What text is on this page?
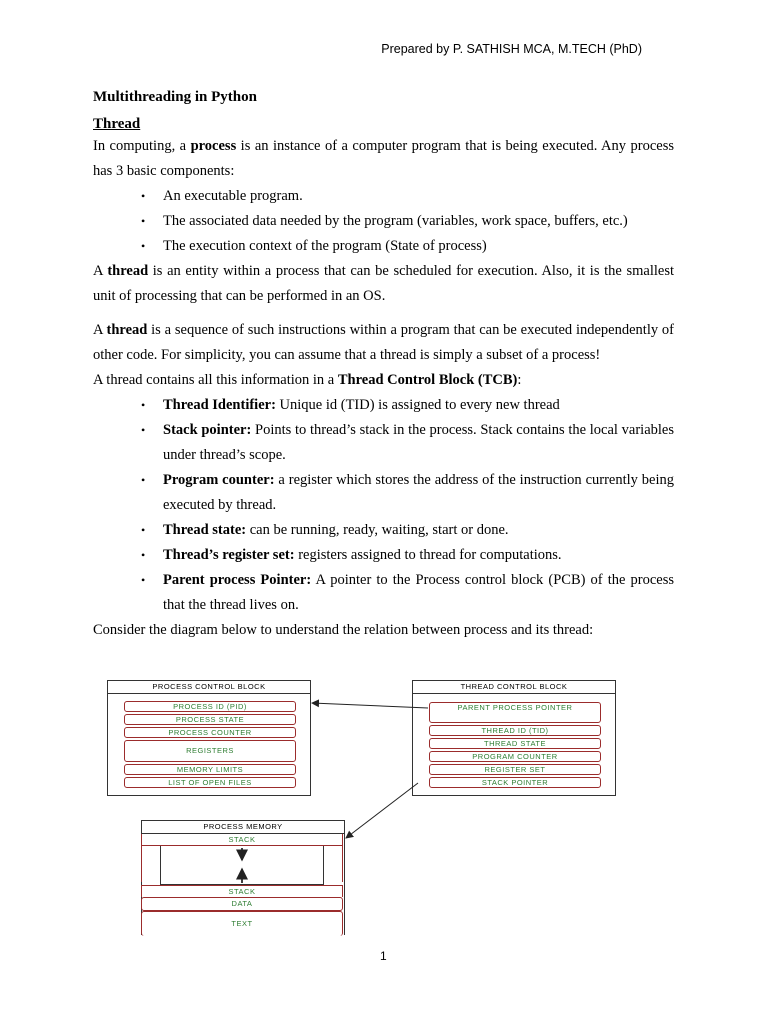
Prepared by P. SATHISH MCA, M.TECH (PhD)
Multithreading in Python
Thread

In computing, a process is an instance of a computer program that is being executed. Any process has 3 basic components:

• An executable program.
• The associated data needed by the program (variables, work space, buffers, etc.)
• The execution context of the program (State of process)

A thread is an entity within a process that can be scheduled for execution. Also, it is the smallest unit of processing that can be performed in an OS.

A thread is a sequence of such instructions within a program that can be executed independently of other code. For simplicity, you can assume that a thread is simply a subset of a process!

A thread contains all this information in a Thread Control Block (TCB):

• Thread Identifier: Unique id (TID) is assigned to every new thread
• Stack pointer: Points to thread’s stack in the process. Stack contains the local variables under thread’s scope.
• Program counter: a register which stores the address of the instruction currently being executed by thread.
• Thread state: can be running, ready, waiting, start or done.
• Thread’s register set: registers assigned to thread for computations.
• Parent process Pointer: A pointer to the Process control block (PCB) of the process that the thread lives on.

Consider the diagram below to understand the relation between process and its thread:

PROCESS CONTROL BLOCK
PROCESS ID (PID)
PROCESS STATE
PROCESS COUNTER
REGISTERS
MEMORY LIMITS
LIST OF OPEN FILES
THREAD CONTROL BLOCK
PARENT PROCESS POINTER
THREAD ID (TID)
THREAD STATE
PROGRAM COUNTER
REGISTER SET
STACK POINTER
PROCESS MEMORY
STACK
STACK
DATA
TEXT
1
